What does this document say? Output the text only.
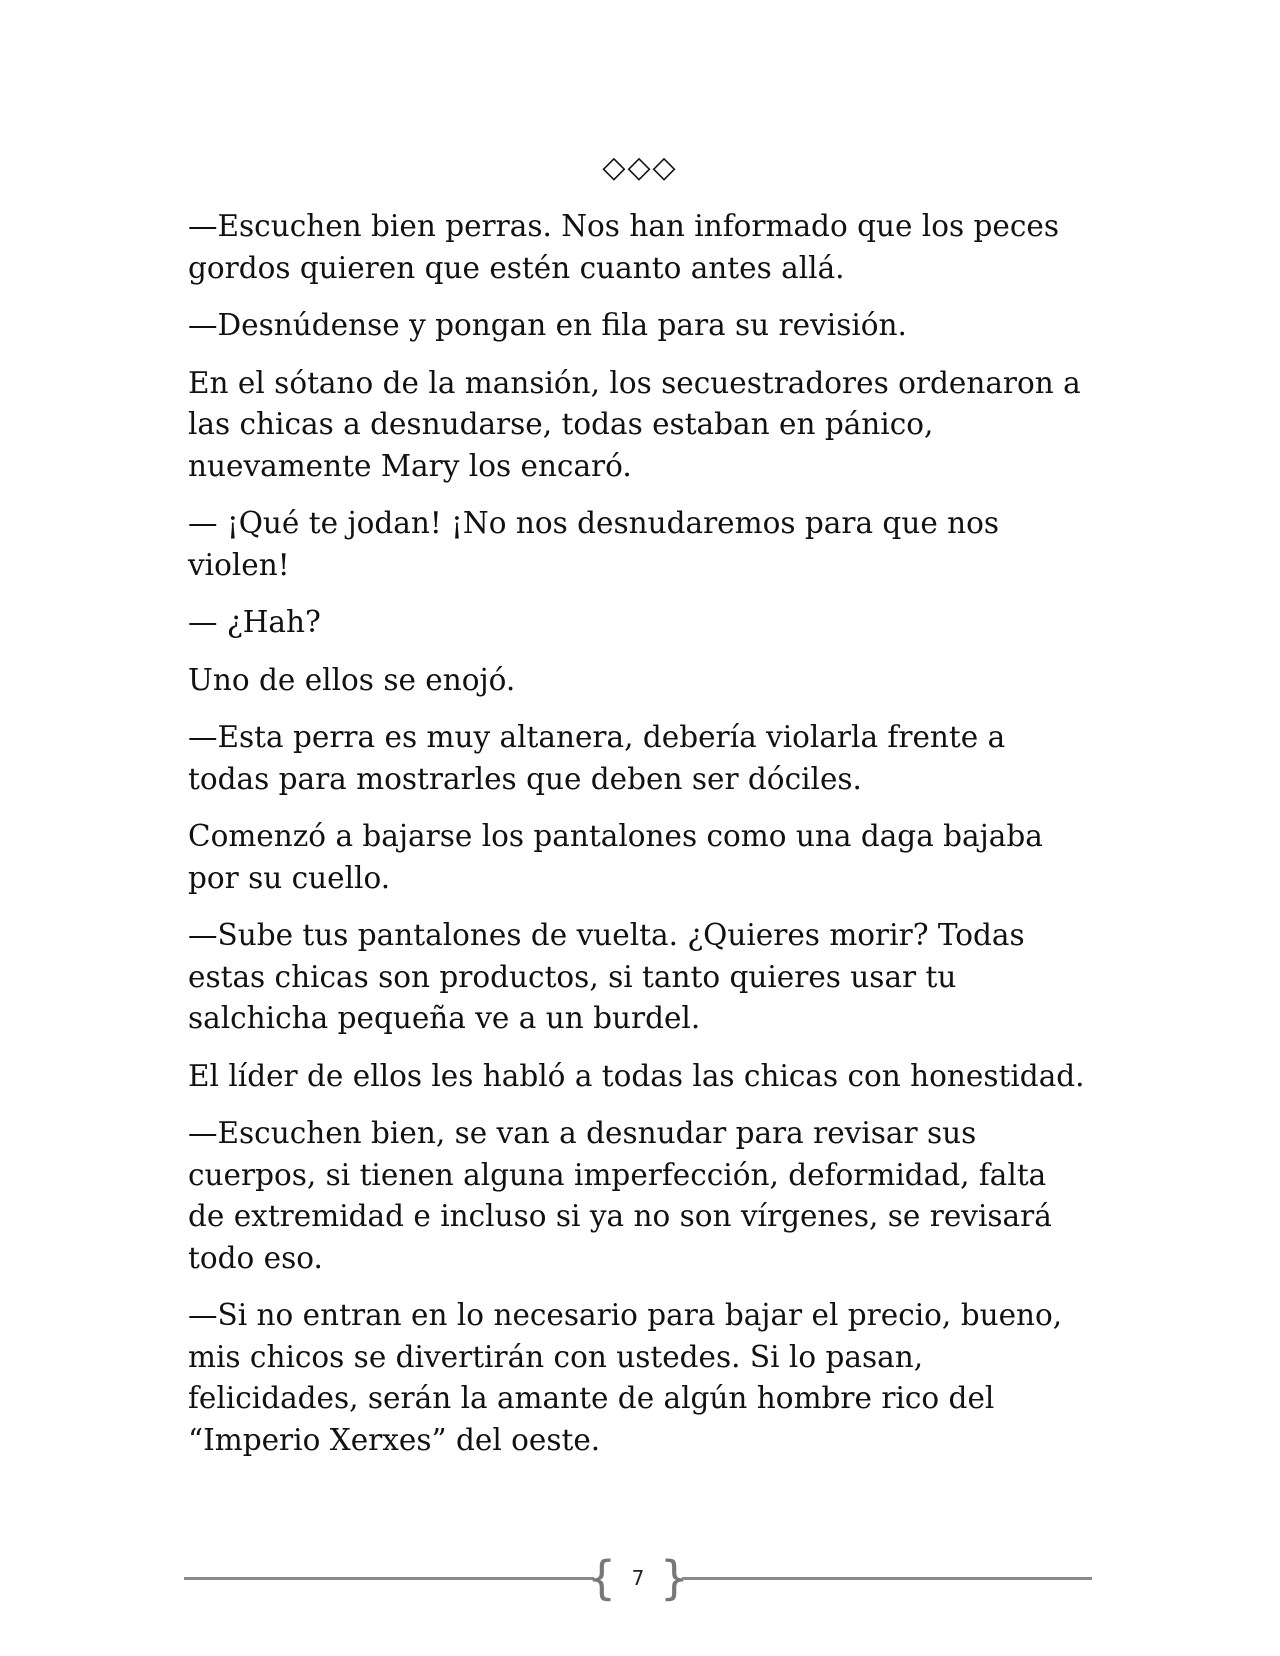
◇◇◇

—Escuchen bien perras. Nos han informado que los peces gordos quieren que estén cuanto antes allá.

—Desnúdense y pongan en fila para su revisión.

En el sótano de la mansión, los secuestradores ordenaron a las chicas a desnudarse, todas estaban en pánico, nuevamente Mary los encaró.

— ¡Qué te jodan! ¡No nos desnudaremos para que nos violen!

— ¿Hah?

Uno de ellos se enojó.

—Esta perra es muy altanera, debería violarla frente a todas para mostrarles que deben ser dóciles.

Comenzó a bajarse los pantalones como una daga bajaba por su cuello.

—Sube tus pantalones de vuelta. ¿Quieres morir? Todas estas chicas son productos, si tanto quieres usar tu salchicha pequeña ve a un burdel.

El líder de ellos les habló a todas las chicas con honestidad.

—Escuchen bien, se van a desnudar para revisar sus cuerpos, si tienen alguna imperfección, deformidad, falta de extremidad e incluso si ya no son vírgenes, se revisará todo eso.

—Si no entran en lo necesario para bajar el precio, bueno, mis chicos se divertirán con ustedes. Si lo pasan, felicidades, serán la amante de algún hombre rico del “Imperio Xerxes” del oeste.

{ 7 }
